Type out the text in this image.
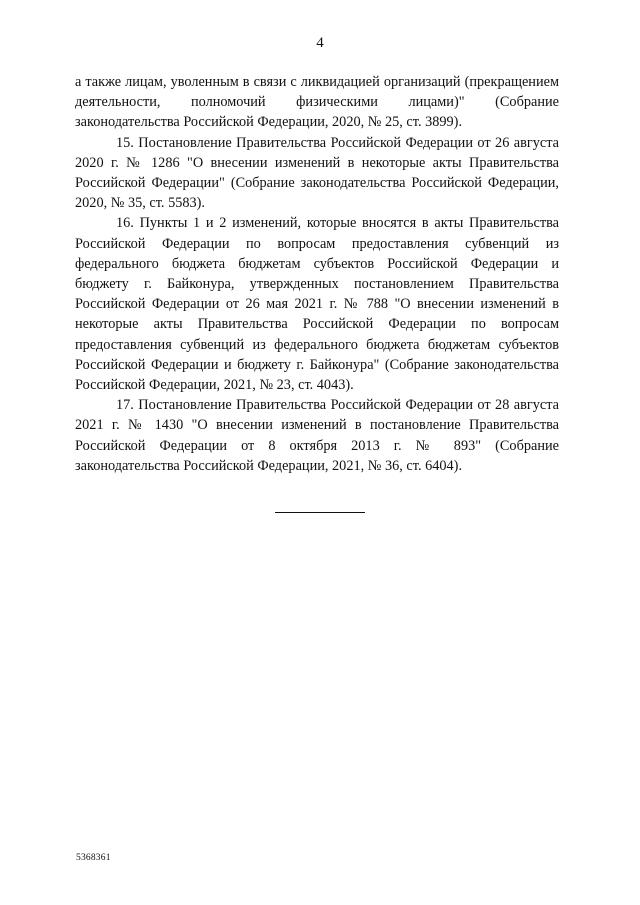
4

а также лицам, уволенным в связи с ликвидацией организаций (прекращением деятельности, полномочий физическими лицами)" (Собрание законодательства Российской Федерации, 2020, № 25, ст. 3899).

15. Постановление Правительства Российской Федерации от 26 августа 2020 г. № 1286 "О внесении изменений в некоторые акты Правительства Российской Федерации" (Собрание законодательства Российской Федерации, 2020, № 35, ст. 5583).

16. Пункты 1 и 2 изменений, которые вносятся в акты Правительства Российской Федерации по вопросам предоставления субвенций из федерального бюджета бюджетам субъектов Российской Федерации и бюджету г. Байконура, утвержденных постановлением Правительства Российской Федерации от 26 мая 2021 г. № 788 "О внесении изменений в некоторые акты Правительства Российской Федерации по вопросам предоставления субвенций из федерального бюджета бюджетам субъектов Российской Федерации и бюджету г. Байконура" (Собрание законодательства Российской Федерации, 2021, № 23, ст. 4043).

17. Постановление Правительства Российской Федерации от 28 августа 2021 г. № 1430 "О внесении изменений в постановление Правительства Российской Федерации от 8 октября 2013 г. № 893" (Собрание законодательства Российской Федерации, 2021, № 36, ст. 6404).

5368361
